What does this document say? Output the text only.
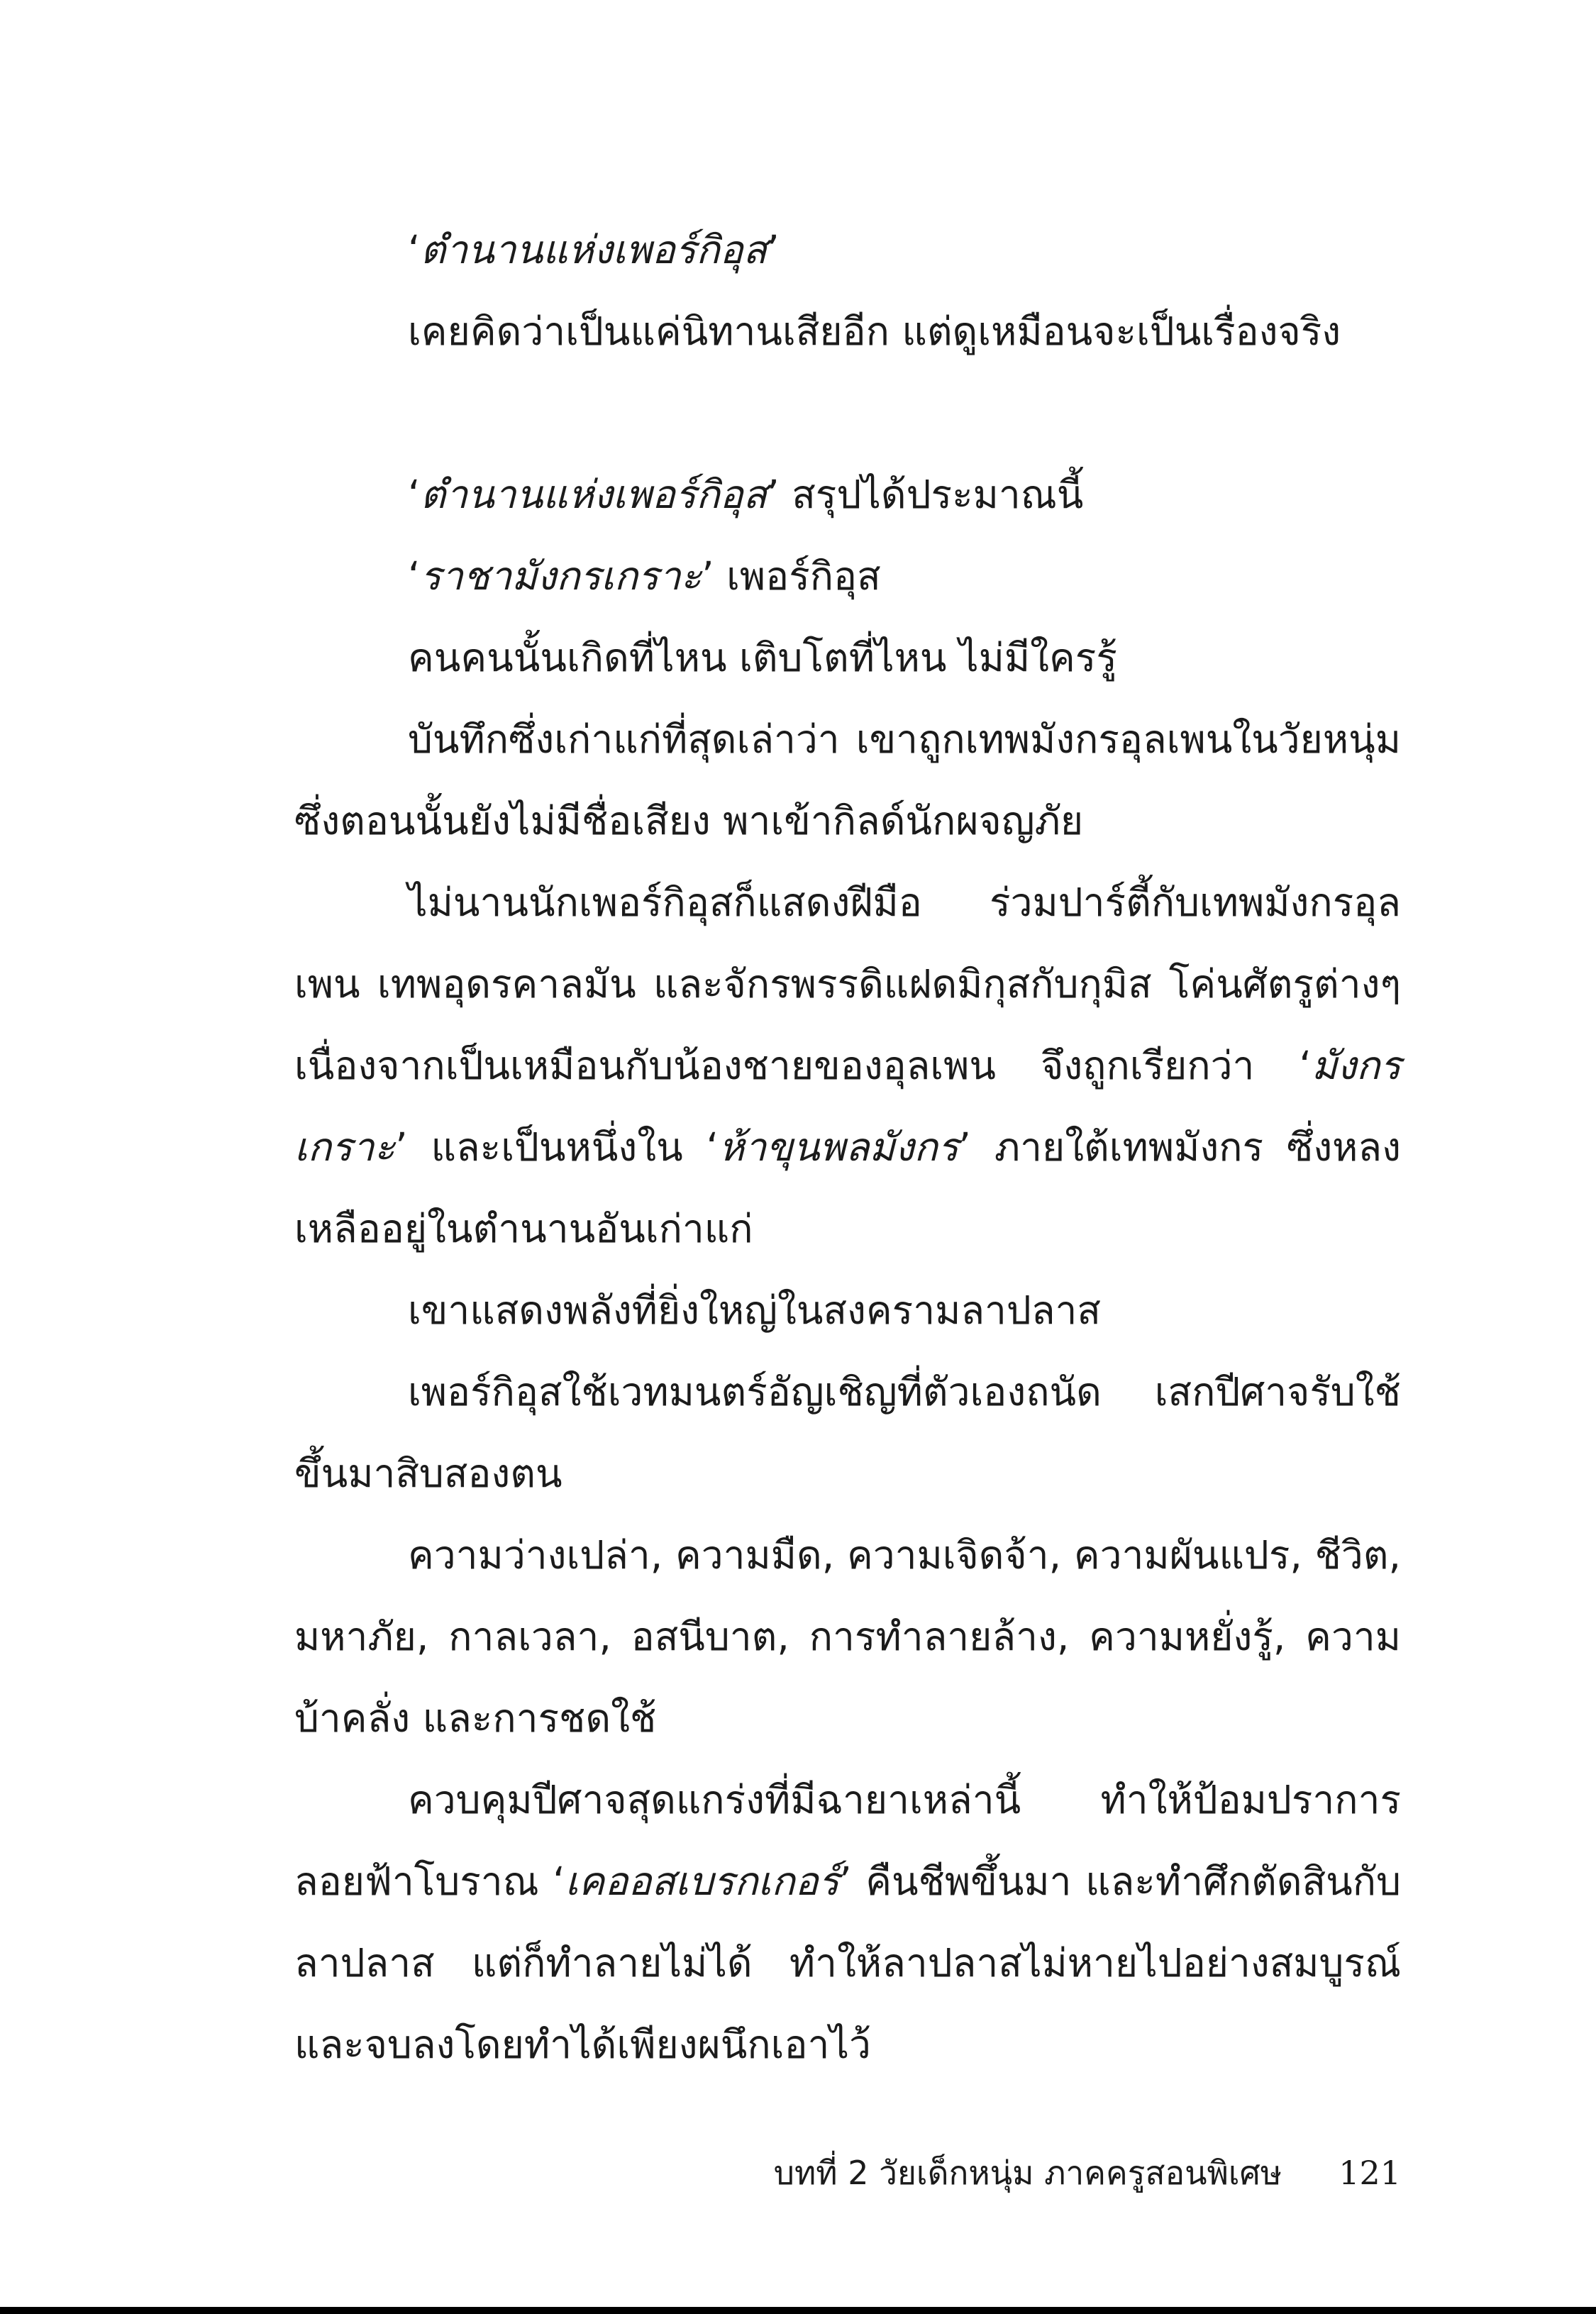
‘ตำนานแห่งเพอร์กิอุส’

เคยคิดว่าเป็นแค่นิทานเสียอีก แต่ดูเหมือนจะเป็นเรื่องจริง

‘ตำนานแห่งเพอร์กิอุส’ สรุปได้ประมาณนี้

‘ราชามังกรเกราะ’ เพอร์กิอุส

คนคนนั้นเกิดที่ไหน เติบโตที่ไหน ไม่มีใครรู้

บันทึกซึ่งเก่าแก่ที่สุดเล่าว่า เขาถูกเทพมังกรอุลเพนในวัยหนุ่มซึ่งตอนนั้นยังไม่มีชื่อเสียง พาเข้ากิลด์นักผจญภัย

ไม่นานนักเพอร์กิอุสก็แสดงฝีมือ ร่วมปาร์ตี้กับเทพมังกรอุลเพน เทพอุดรคาลมัน และจักรพรรดิแฝดมิกุสกับกุมิส โค่นศัตรูต่างๆ เนื่องจากเป็นเหมือนกับน้องชายของอุลเพน จึงถูกเรียกว่า ‘มังกรเกราะ’ และเป็นหนึ่งใน ‘ห้าขุนพลมังกร’ ภายใต้เทพมังกร ซึ่งหลงเหลืออยู่ในตำนานอันเก่าแก่

เขาแสดงพลังที่ยิ่งใหญ่ในสงครามลาปลาส

เพอร์กิอุสใช้เวทมนตร์อัญเชิญที่ตัวเองถนัด เสกปีศาจรับใช้ขึ้นมาสิบสองตน

ความว่างเปล่า, ความมืด, ความเจิดจ้า, ความผันแปร, ชีวิต, มหาภัย, กาลเวลา, อสนีบาต, การทำลายล้าง, ความหยั่งรู้, ความบ้าคลั่ง และการชดใช้

ควบคุมปีศาจสุดแกร่งที่มีฉายาเหล่านี้ ทำให้ป้อมปราการลอยฟ้าโบราณ ‘เคออสเบรกเกอร์’ คืนชีพขึ้นมา และทำศึกตัดสินกับลาปลาส แต่ก็ทำลายไม่ได้ ทำให้ลาปลาสไม่หายไปอย่างสมบูรณ์ และจบลงโดยทำได้เพียงผนึกเอาไว้

บทที่ 2 วัยเด็กหนุ่ม ภาคครูสอนพิเศษ 121
